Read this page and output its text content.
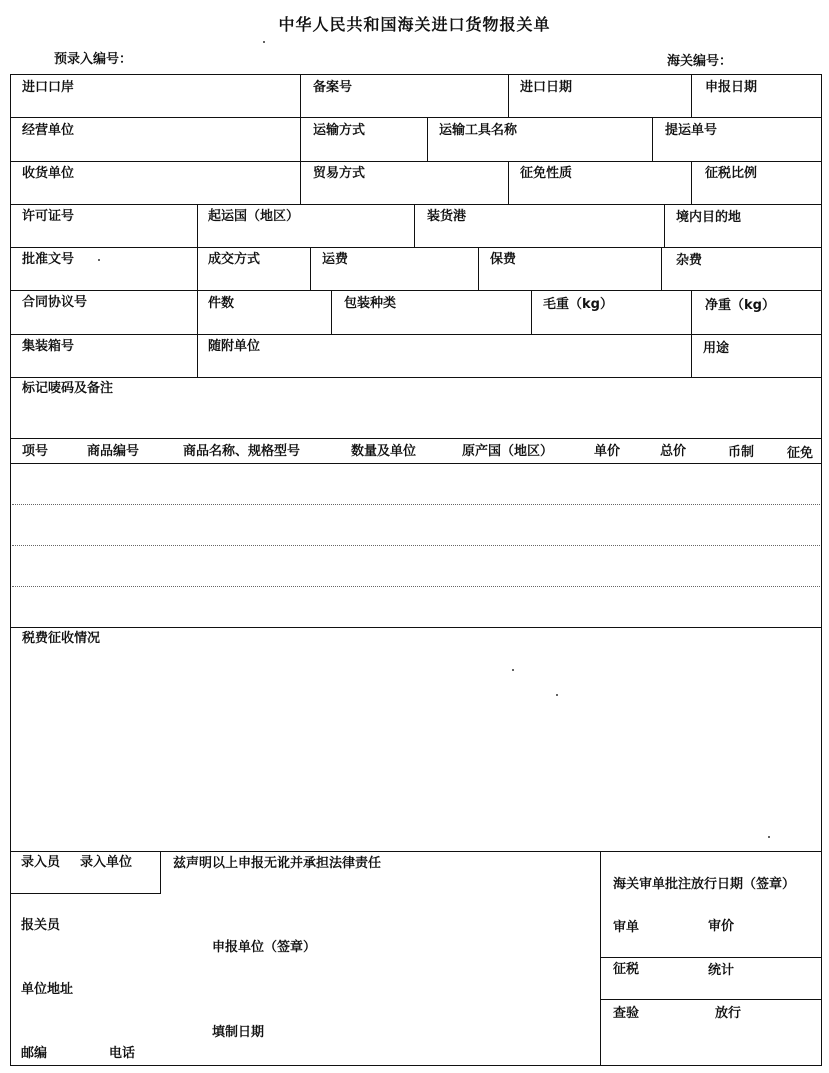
中华人民共和国海关进口货物报关单
预录入编号：	海关编号：
进口口岸	备案号	进口日期	申报日期
经营单位	运输方式	运输工具名称	提运单号
收货单位	贸易方式	征免性质	征税比例
许可证号	起运国（地区）	装货港	境内目的地
批准文号	成交方式	运费	保费	杂费
合同协议号	件数	包装种类	毛重（kg）	净重（kg）
集装箱号	随附单位	用途
标记唛码及备注
项号	商品编号	商品名称、规格型号	数量及单位	原产国（地区）	单价	总价	币制	征免
税费征收情况
录入员 录入单位	兹声明以上申报无讹并承担法律责任
报关员
申报单位（签章）
单位地址
填制日期
邮编	电话
海关审单批注放行日期（签章）
审单	审价
征税	统计
查验	放行
